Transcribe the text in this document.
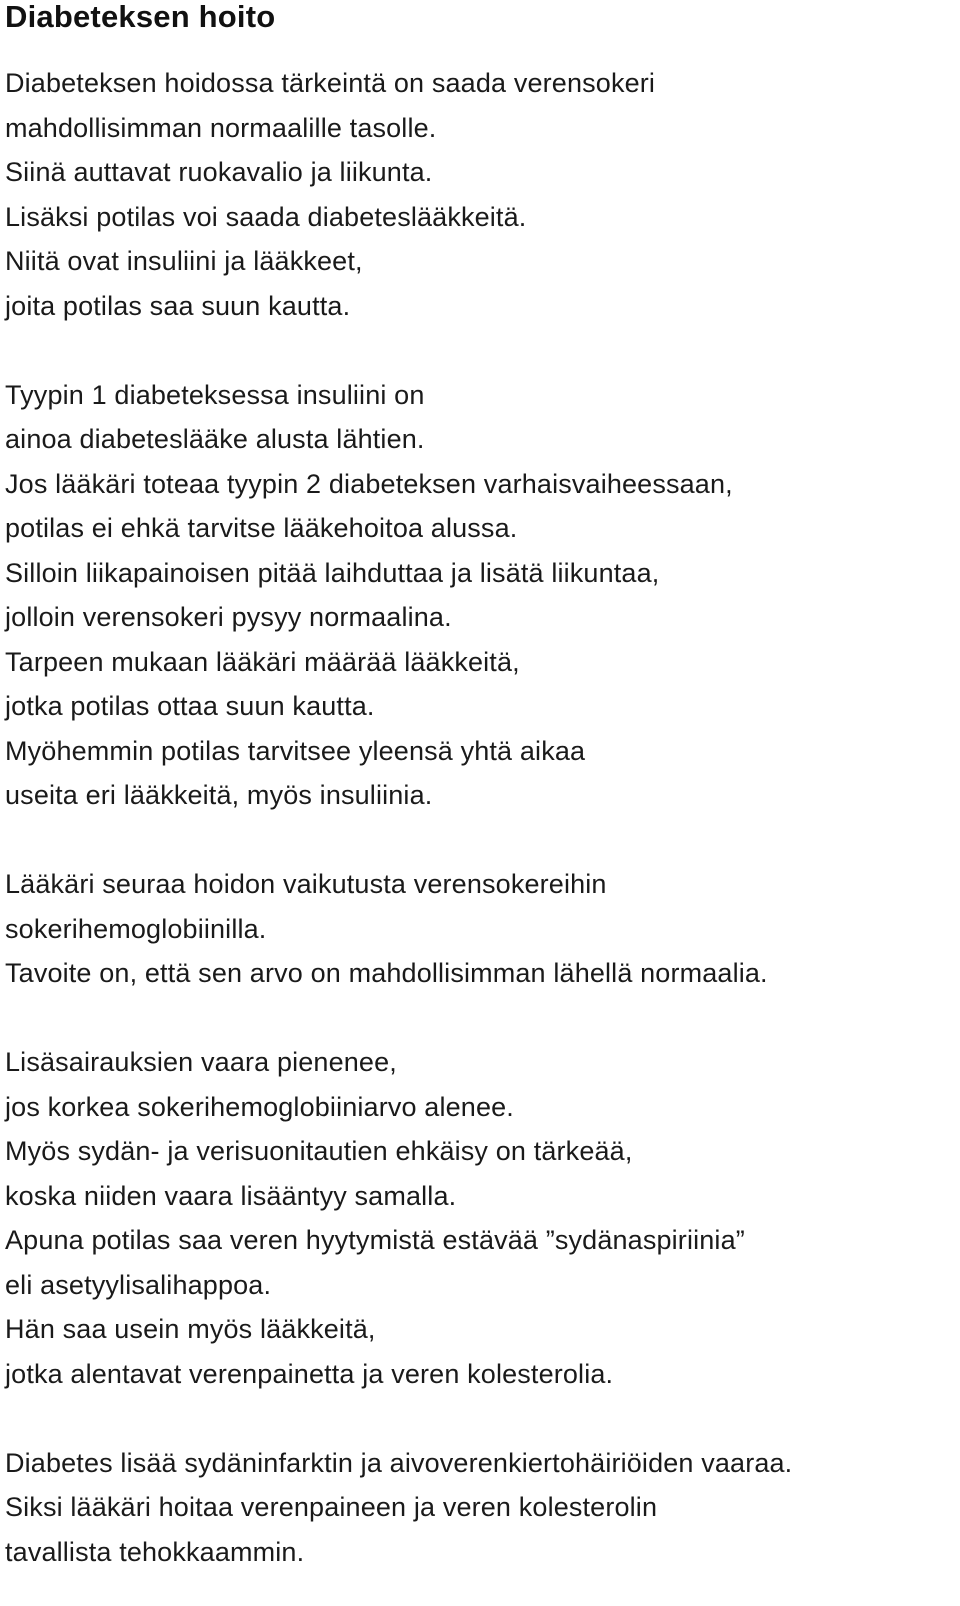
Diabeteksen hoito

Diabeteksen hoidossa tärkeintä on saada verensokeri
mahdollisimman normaalille tasolle.
Siinä auttavat ruokavalio ja liikunta.
Lisäksi potilas voi saada diabeteslääkkeitä.
Niitä ovat insuliini ja lääkkeet,
joita potilas saa suun kautta.

Tyypin 1 diabeteksessa insuliini on
ainoa diabeteslääke alusta lähtien.
Jos lääkäri toteaa tyypin 2 diabeteksen varhaisvaiheessaan,
potilas ei ehkä tarvitse lääkehoitoa alussa.
Silloin liikapainoisen pitää laihduttaa ja lisätä liikuntaa,
jolloin verensokeri pysyy normaalina.
Tarpeen mukaan lääkäri määrää lääkkeitä,
jotka potilas ottaa suun kautta.
Myöhemmin potilas tarvitsee yleensä yhtä aikaa
useita eri lääkkeitä, myös insuliinia.

Lääkäri seuraa hoidon vaikutusta verensokereihin
sokerihemoglobiinilla.
Tavoite on, että sen arvo on mahdollisimman lähellä normaalia.

Lisäsairauksien vaara pienenee,
jos korkea sokerihemoglobiiniarvo alenee.
Myös sydän- ja verisuonitautien ehkäisy on tärkeää,
koska niiden vaara lisääntyy samalla.
Apuna potilas saa veren hyytymistä estävää ”sydänaspiriinia”
eli asetyylisalihappoa.
Hän saa usein myös lääkkeitä,
jotka alentavat verenpainetta ja veren kolesterolia.

Diabetes lisää sydäninfarktin ja aivoverenkiertohäiriöiden vaaraa.
Siksi lääkäri hoitaa verenpaineen ja veren kolesterolin
tavallista tehokkaammin.
